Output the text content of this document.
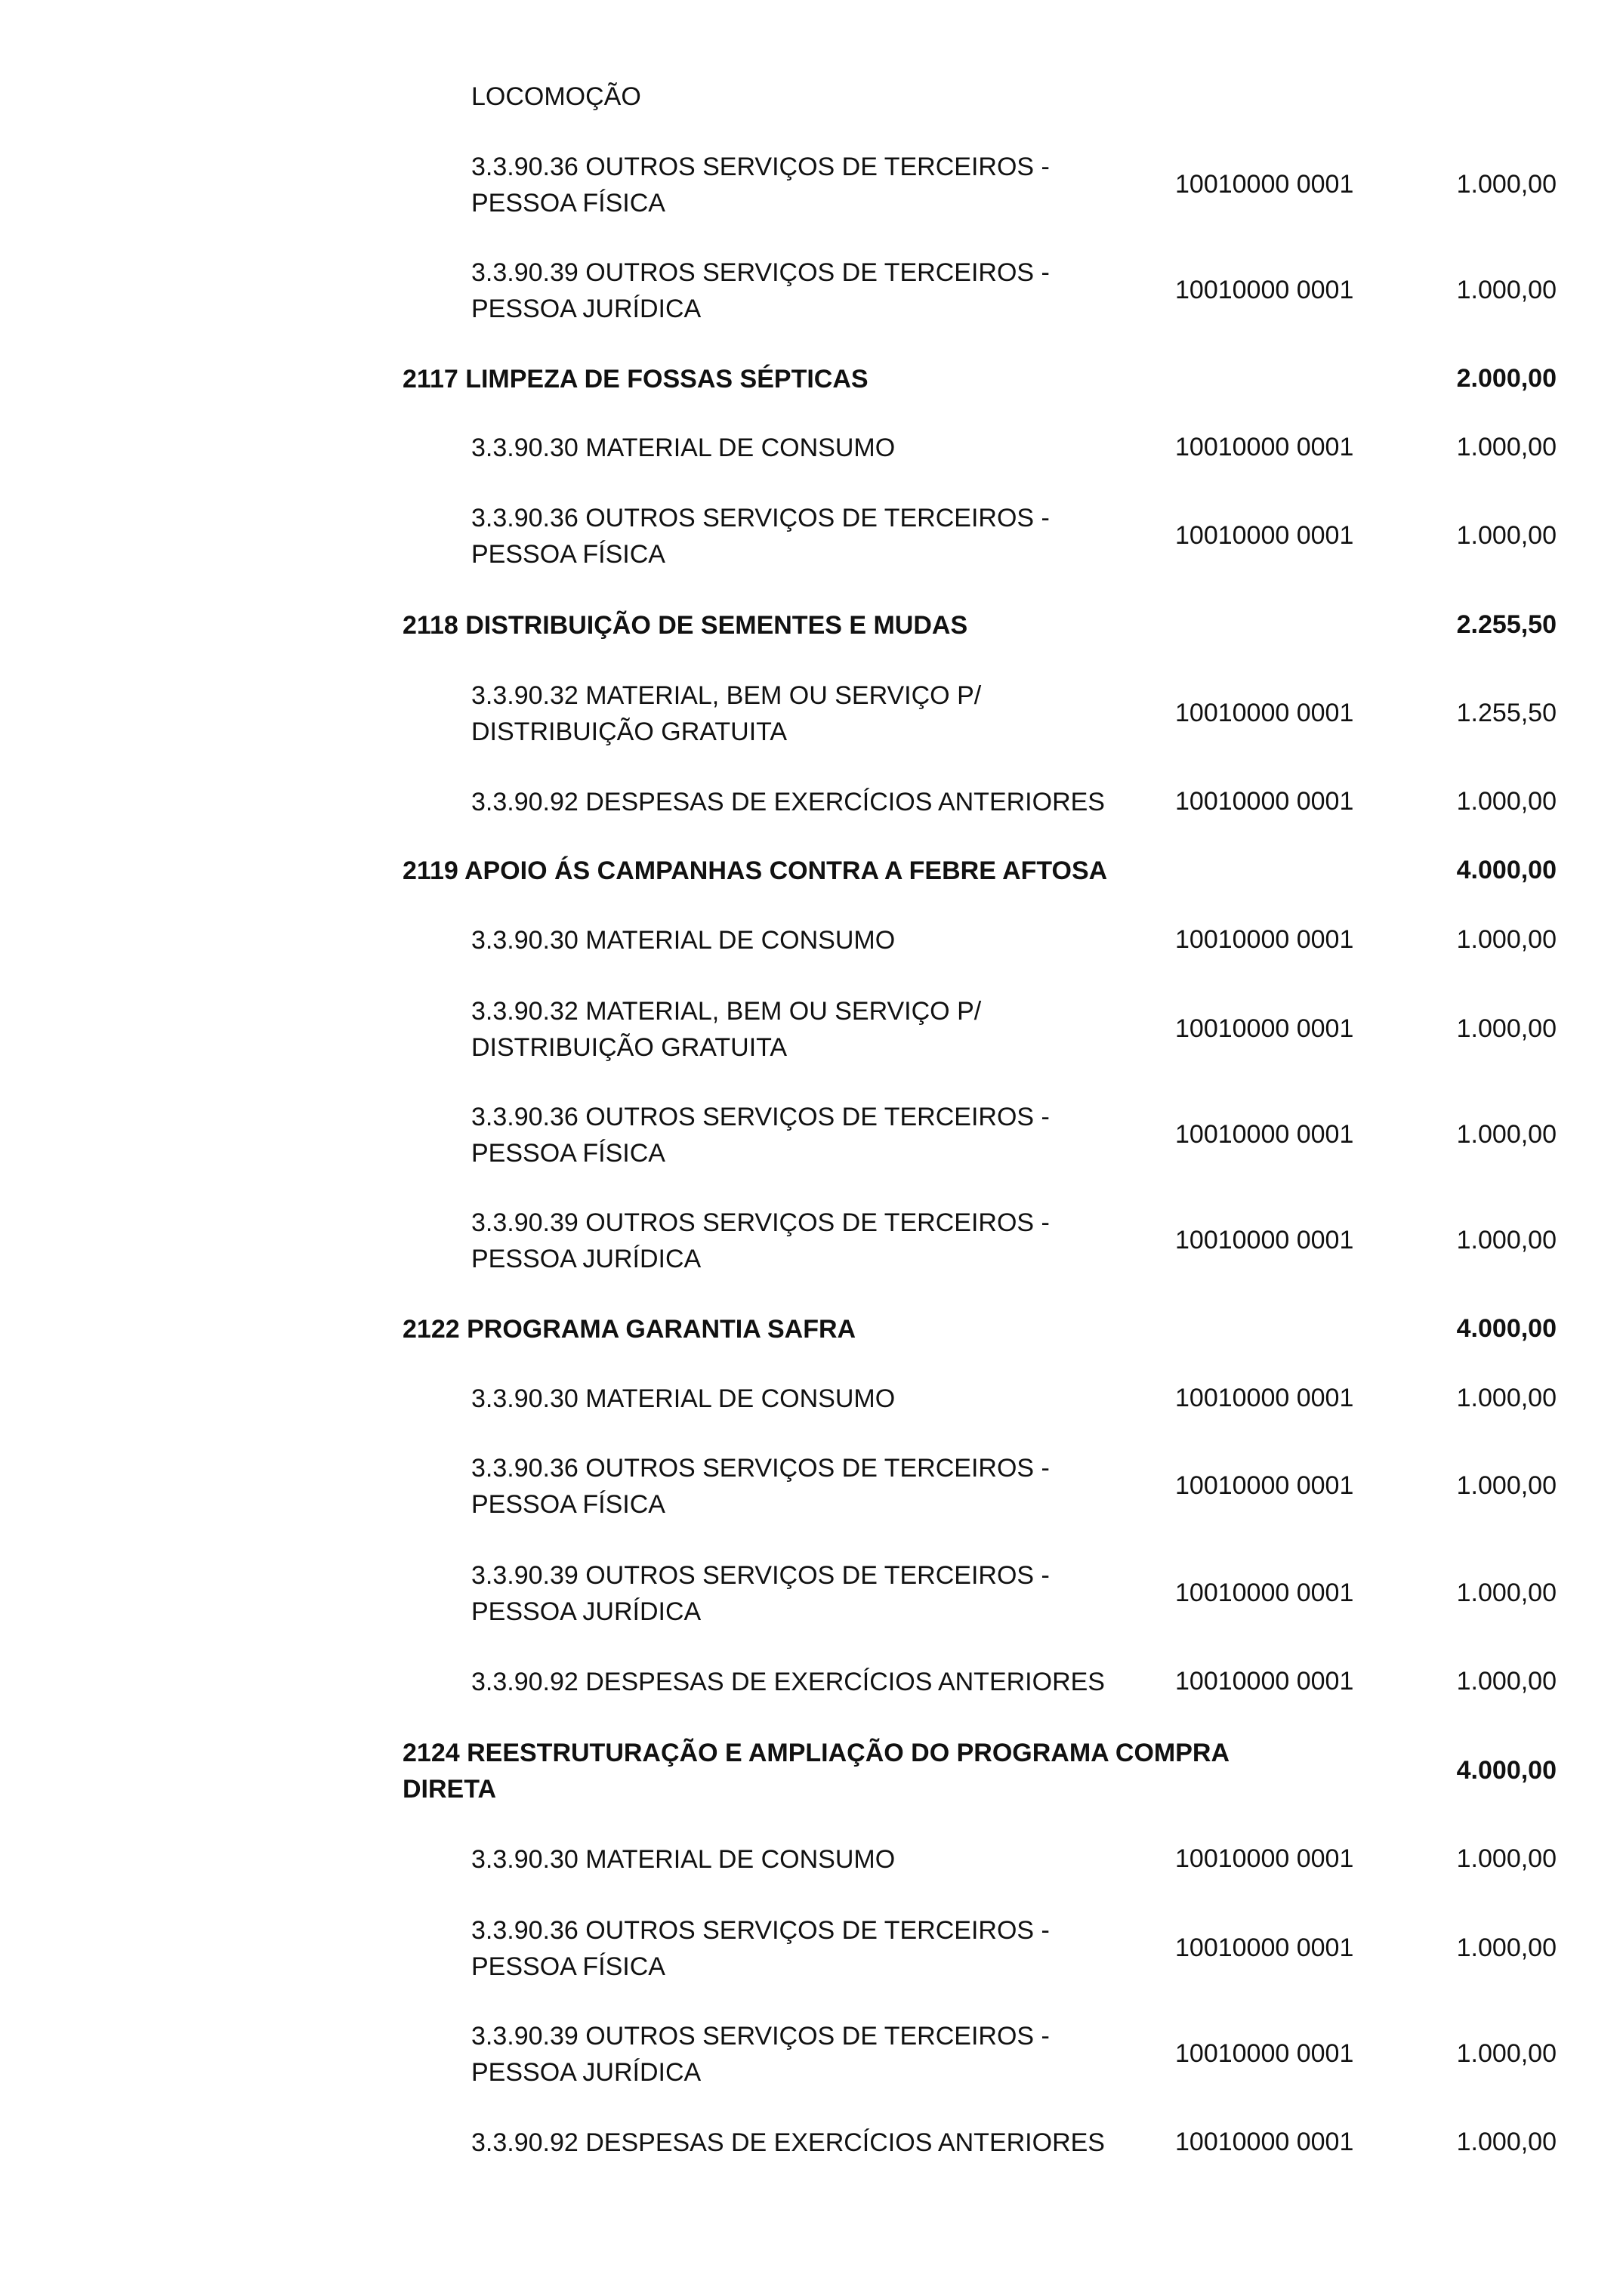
LOCOMOÇÃO
3.3.90.36 OUTROS SERVIÇOS DE TERCEIROS -
PESSOA FÍSICA
10010000 0001	1.000,00
3.3.90.39 OUTROS SERVIÇOS DE TERCEIROS -
PESSOA JURÍDICA
10010000 0001	1.000,00
2117 LIMPEZA DE FOSSAS SÉPTICAS	2.000,00
3.3.90.30 MATERIAL DE CONSUMO	10010000 0001	1.000,00
3.3.90.36 OUTROS SERVIÇOS DE TERCEIROS -
PESSOA FÍSICA
10010000 0001	1.000,00
2118 DISTRIBUIÇÃO DE SEMENTES E MUDAS	2.255,50
3.3.90.32 MATERIAL, BEM OU SERVIÇO P/
DISTRIBUIÇÃO GRATUITA
10010000 0001	1.255,50
3.3.90.92 DESPESAS DE EXERCÍCIOS ANTERIORES	10010000 0001	1.000,00
2119 APOIO ÁS CAMPANHAS CONTRA A FEBRE AFTOSA	4.000,00
3.3.90.30 MATERIAL DE CONSUMO	10010000 0001	1.000,00
3.3.90.32 MATERIAL, BEM OU SERVIÇO P/
DISTRIBUIÇÃO GRATUITA
10010000 0001	1.000,00
3.3.90.36 OUTROS SERVIÇOS DE TERCEIROS -
PESSOA FÍSICA
10010000 0001	1.000,00
3.3.90.39 OUTROS SERVIÇOS DE TERCEIROS -
PESSOA JURÍDICA
10010000 0001	1.000,00
2122 PROGRAMA GARANTIA SAFRA	4.000,00
3.3.90.30 MATERIAL DE CONSUMO	10010000 0001	1.000,00
3.3.90.36 OUTROS SERVIÇOS DE TERCEIROS -
PESSOA FÍSICA
10010000 0001	1.000,00
3.3.90.39 OUTROS SERVIÇOS DE TERCEIROS -
PESSOA JURÍDICA
10010000 0001	1.000,00
3.3.90.92 DESPESAS DE EXERCÍCIOS ANTERIORES	10010000 0001	1.000,00
2124 REESTRUTURAÇÃO E AMPLIAÇÃO DO PROGRAMA COMPRA
DIRETA
4.000,00
3.3.90.30 MATERIAL DE CONSUMO	10010000 0001	1.000,00
3.3.90.36 OUTROS SERVIÇOS DE TERCEIROS -
PESSOA FÍSICA
10010000 0001	1.000,00
3.3.90.39 OUTROS SERVIÇOS DE TERCEIROS -
PESSOA JURÍDICA
10010000 0001	1.000,00
3.3.90.92 DESPESAS DE EXERCÍCIOS ANTERIORES	10010000 0001	1.000,00
